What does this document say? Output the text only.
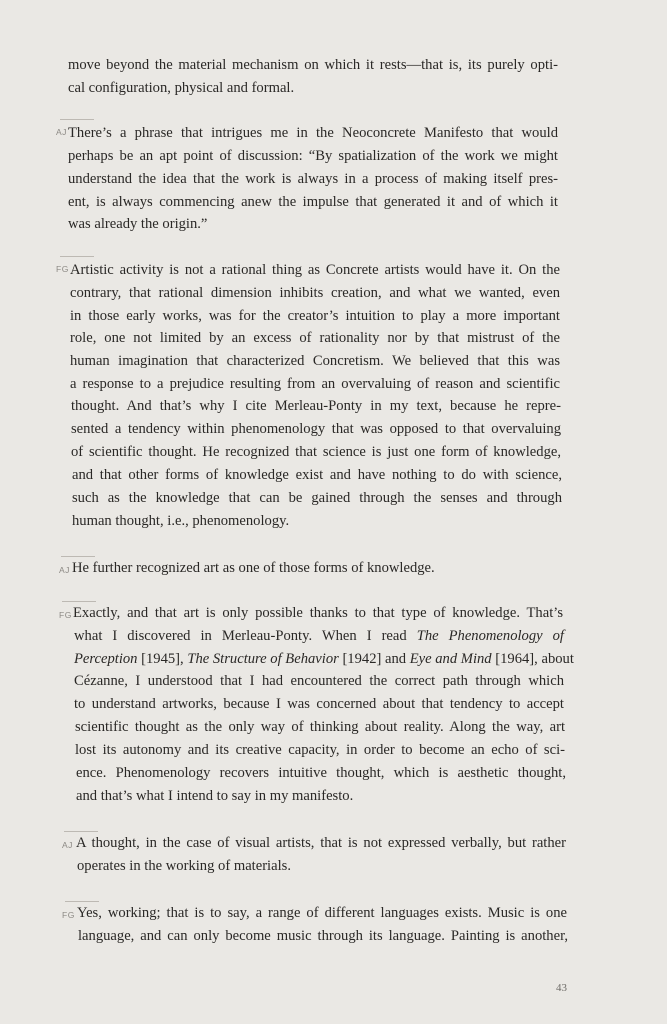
move beyond the material mechanism on which it rests—that is, its purely opti-
cal configuration, physical and formal.
AJ There’s a phrase that intrigues me in the Neoconcrete Manifesto that would
perhaps be an apt point of discussion: “By spatialization of the work we might
understand the idea that the work is always in a process of making itself pres-
ent, is always commencing anew the impulse that generated it and of which it
was already the origin.”
FG Artistic activity is not a rational thing as Concrete artists would have it. On the
contrary, that rational dimension inhibits creation, and what we wanted, even
in those early works, was for the creator’s intuition to play a more important
role, one not limited by an excess of rationality nor by that mistrust of the
human imagination that characterized Concretism. We believed that this was
a response to a prejudice resulting from an overvaluing of reason and scientific
thought. And that’s why I cite Merleau-Ponty in my text, because he repre-
sented a tendency within phenomenology that was opposed to that overvaluing
of scientific thought. He recognized that science is just one form of knowledge,
and that other forms of knowledge exist and have nothing to do with science,
such as the knowledge that can be gained through the senses and through
human thought, i.e., phenomenology.
AJ He further recognized art as one of those forms of knowledge.
FG Exactly, and that art is only possible thanks to that type of knowledge. That’s
what I discovered in Merleau-Ponty. When I read The Phenomenology of
Perception [1945], The Structure of Behavior [1942] and Eye and Mind [1964], about
Cézanne, I understood that I had encountered the correct path through which
to understand artworks, because I was concerned about that tendency to accept
scientific thought as the only way of thinking about reality. Along the way, art
lost its autonomy and its creative capacity, in order to become an echo of sci-
ence. Phenomenology recovers intuitive thought, which is aesthetic thought,
and that’s what I intend to say in my manifesto.
AJ A thought, in the case of visual artists, that is not expressed verbally, but rather
operates in the working of materials.
FG Yes, working; that is to say, a range of different languages exists. Music is one
language, and can only become music through its language. Painting is another,
43
